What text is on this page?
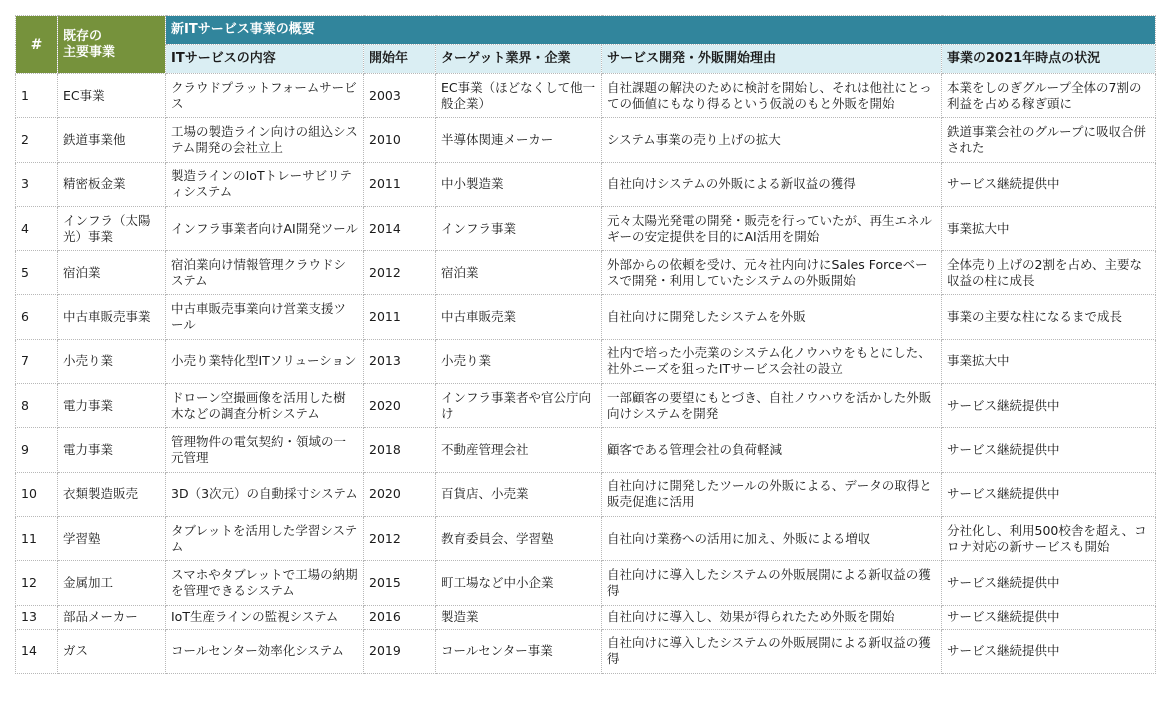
#	既存の
主要事業	新ITサービス事業の概要				
		ITサービスの内容	開始年	ターゲット業界・企業	サービス開発・外販開始理由	事業の2021年時点の状況
1	EC事業	クラウドプラットフォームサービス	2003	EC事業（ほどなくして他一般企業）	自社課題の解決のために検討を開始し、それは他社にとっての価値にもなり得るという仮説のもと外販を開始	本業をしのぎグループ全体の7割の利益を占める稼ぎ頭に
2	鉄道事業他	工場の製造ライン向けの組込システム開発の会社立上	2010	半導体関連メーカー	システム事業の売り上げの拡大	鉄道事業会社のグループに吸収合併された
3	精密板金業	製造ラインのIoTトレーサビリティシステム	2011	中小製造業	自社向けシステムの外販による新収益の獲得	サービス継続提供中
4	インフラ（太陽光）事業	インフラ事業者向けAI開発ツール	2014	インフラ事業	元々太陽光発電の開発・販売を行っていたが、再生エネルギーの安定提供を目的にAI活用を開始	事業拡大中
5	宿泊業	宿泊業向け情報管理クラウドシステム	2012	宿泊業	外部からの依頼を受け、元々社内向けにSales Forceベースで開発・利用していたシステムの外販開始	全体売り上げの2割を占め、主要な収益の柱に成長
6	中古車販売事業	中古車販売事業向け営業支援ツール	2011	中古車販売業	自社向けに開発したシステムを外販	事業の主要な柱になるまで成長
7	小売り業	小売り業特化型ITソリューション	2013	小売り業	社内で培った小売業のシステム化ノウハウをもとにした、社外ニーズを狙ったITサービス会社の設立	事業拡大中
8	電力事業	ドローン空撮画像を活用した樹木などの調査分析システム	2020	インフラ事業者や官公庁向け	一部顧客の要望にもとづき、自社ノウハウを活かした外販向けシステムを開発	サービス継続提供中
9	電力事業	管理物件の電気契約・領域の一元管理	2018	不動産管理会社	顧客である管理会社の負荷軽減	サービス継続提供中
10	衣類製造販売	3D（3次元）の自動採寸システム	2020	百貨店、小売業	自社向けに開発したツールの外販による、データの取得と販売促進に活用	サービス継続提供中
11	学習塾	タブレットを活用した学習システム	2012	教育委員会、学習塾	自社向け業務への活用に加え、外販による増収	分社化し、利用500校舎を超え、コロナ対応の新サービスも開始
12	金属加工	スマホやタブレットで工場の納期を管理できるシステム	2015	町工場など中小企業	自社向けに導入したシステムの外販展開による新収益の獲得	サービス継続提供中
13	部品メーカー	IoT生産ラインの監視システム	2016	製造業	自社向けに導入し、効果が得られたため外販を開始	サービス継続提供中
14	ガス	コールセンター効率化システム	2019	コールセンター事業	自社向けに導入したシステムの外販展開による新収益の獲得	サービス継続提供中
